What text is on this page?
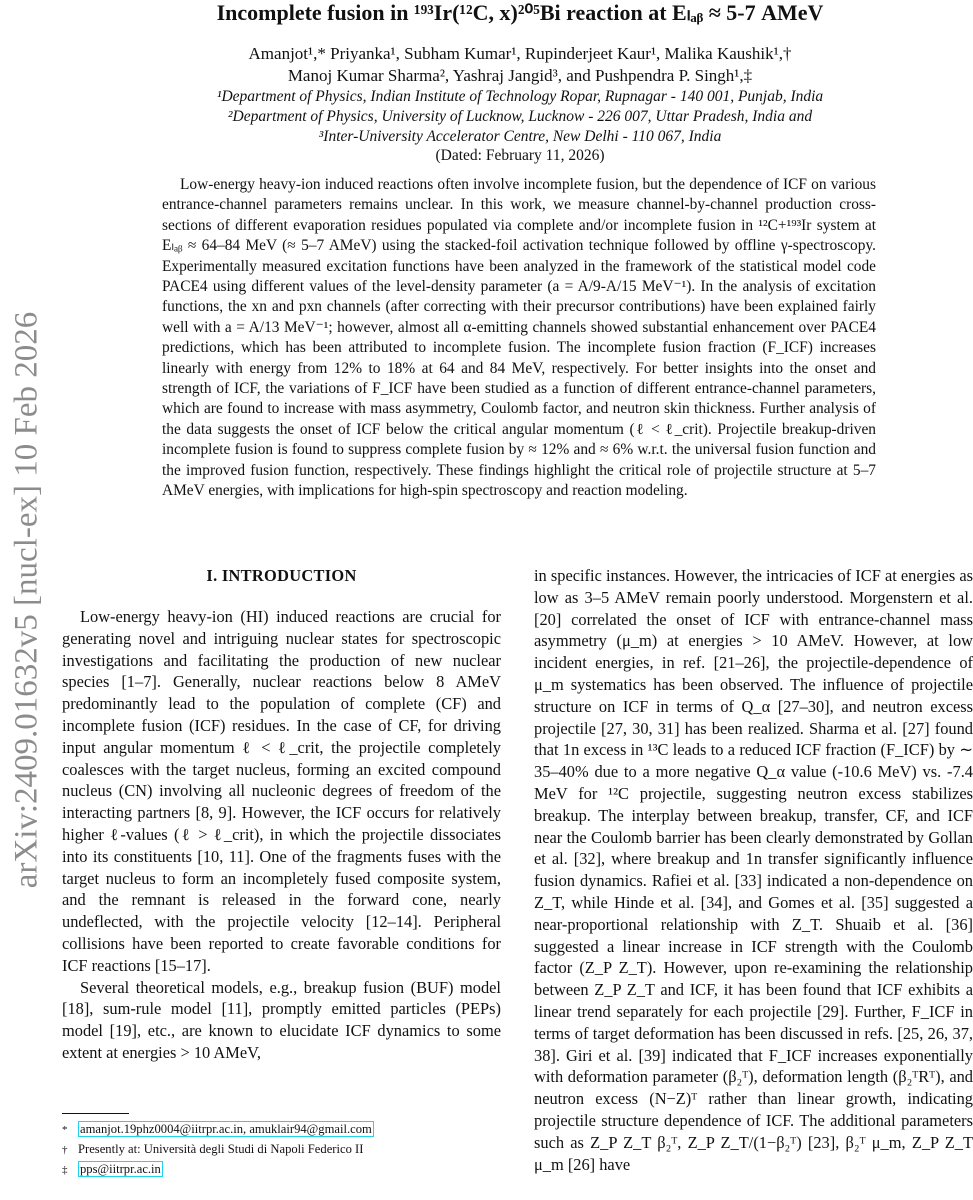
arXiv:2409.01632v5 [nucl-ex] 10 Feb 2026
Incomplete fusion in ¹⁹³Ir(¹²C, x)²⁰⁵Bi reaction at Eₗₐᵦ ≈ 5-7 AMeV
Amanjot¹,* Priyanka¹, Subham Kumar¹, Rupinderjeet Kaur¹, Malika Kaushik¹,†
Manoj Kumar Sharma², Yashraj Jangid³, and Pushpendra P. Singh¹,‡
¹Department of Physics, Indian Institute of Technology Ropar, Rupnagar - 140 001, Punjab, India
²Department of Physics, University of Lucknow, Lucknow - 226 007, Uttar Pradesh, India and
³Inter-University Accelerator Centre, New Delhi - 110 067, India
(Dated: February 11, 2026)

Low-energy heavy-ion induced reactions often involve incomplete fusion, but the dependence of ICF on various entrance-channel parameters remains unclear. In this work, we measure channel-by-channel production cross-sections of different evaporation residues populated via complete and/or incomplete fusion in ¹²C+¹⁹³Ir system at Eₗₐᵦ ≈ 64–84 MeV (≈ 5–7 AMeV) using the stacked-foil activation technique followed by offline γ-spectroscopy. Experimentally measured excitation functions have been analyzed in the framework of the statistical model code PACE4 using different values of the level-density parameter (a = A/9-A/15 MeV⁻¹). In the analysis of excitation functions, the xn and pxn channels (after correcting with their precursor contributions) have been explained fairly well with a = A/13 MeV⁻¹; however, almost all α-emitting channels showed substantial enhancement over PACE4 predictions, which has been attributed to incomplete fusion. The incomplete fusion fraction (F_ICF) increases linearly with energy from 12% to 18% at 64 and 84 MeV, respectively. For better insights into the onset and strength of ICF, the variations of F_ICF have been studied as a function of different entrance-channel parameters, which are found to increase with mass asymmetry, Coulomb factor, and neutron skin thickness. Further analysis of the data suggests the onset of ICF below the critical angular momentum (ℓ < ℓ_crit). Projectile breakup-driven incomplete fusion is found to suppress complete fusion by ≈ 12% and ≈ 6% w.r.t. the universal fusion function and the improved fusion function, respectively. These findings highlight the critical role of projectile structure at 5–7 AMeV energies, with implications for high-spin spectroscopy and reaction modeling.

I. INTRODUCTION

Low-energy heavy-ion (HI) induced reactions are crucial for generating novel and intriguing nuclear states for spectroscopic investigations and facilitating the production of new nuclear species [1–7]. Generally, nuclear reactions below 8 AMeV predominantly lead to the population of complete (CF) and incomplete fusion (ICF) residues. In the case of CF, for driving input angular momentum ℓ < ℓ_crit, the projectile completely coalesces with the target nucleus, forming an excited compound nucleus (CN) involving all nucleonic degrees of freedom of the interacting partners [8, 9]. However, the ICF occurs for relatively higher ℓ-values (ℓ > ℓ_crit), in which the projectile dissociates into its constituents [10, 11]. One of the fragments fuses with the target nucleus to form an incompletely fused composite system, and the remnant is released in the forward cone, nearly undeflected, with the projectile velocity [12–14]. Peripheral collisions have been reported to create favorable conditions for ICF reactions [15–17].

Several theoretical models, e.g., breakup fusion (BUF) model [18], sum-rule model [11], promptly emitted particles (PEPs) model [19], etc., are known to elucidate ICF dynamics to some extent at energies > 10 AMeV,

in specific instances. However, the intricacies of ICF at energies as low as 3–5 AMeV remain poorly understood. Morgenstern et al. [20] correlated the onset of ICF with entrance-channel mass asymmetry (μ_m) at energies > 10 AMeV. However, at low incident energies, in ref. [21–26], the projectile-dependence of μ_m systematics has been observed. The influence of projectile structure on ICF in terms of Q_α [27–30], and neutron excess projectile [27, 30, 31] has been realized. Sharma et al. [27] found that 1n excess in ¹³C leads to a reduced ICF fraction (F_ICF) by ∼ 35–40% due to a more negative Q_α value (-10.6 MeV) vs. -7.4 MeV for ¹²C projectile, suggesting neutron excess stabilizes breakup. The interplay between breakup, transfer, CF, and ICF near the Coulomb barrier has been clearly demonstrated by Gollan et al. [32], where breakup and 1n transfer significantly influence fusion dynamics. Rafiei et al. [33] indicated a non-dependence on Z_T, while Hinde et al. [34], and Gomes et al. [35] suggested a near-proportional relationship with Z_T. Shuaib et al. [36] suggested a linear increase in ICF strength with the Coulomb factor (Z_P Z_T). However, upon re-examining the relationship between Z_P Z_T and ICF, it has been found that ICF exhibits a linear trend separately for each projectile [29]. Further, F_ICF in terms of target deformation has been discussed in refs. [25, 26, 37, 38]. Giri et al. [39] indicated that F_ICF increases exponentially with deformation parameter (β₂ᵀ), deformation length (β₂ᵀRᵀ), and neutron excess (N−Z)ᵀ rather than linear growth, indicating projectile structure dependence of ICF. The additional parameters such as Z_P Z_T β₂ᵀ, Z_P Z_T/(1−β₂ᵀ) [23], β₂ᵀ μ_m, Z_P Z_T μ_m [26] have

* amanjot.19phz0004@iitrpr.ac.in, amuklair94@gmail.com
† Presently at: Università degli Studi di Napoli Federico II
‡ pps@iitrpr.ac.in
